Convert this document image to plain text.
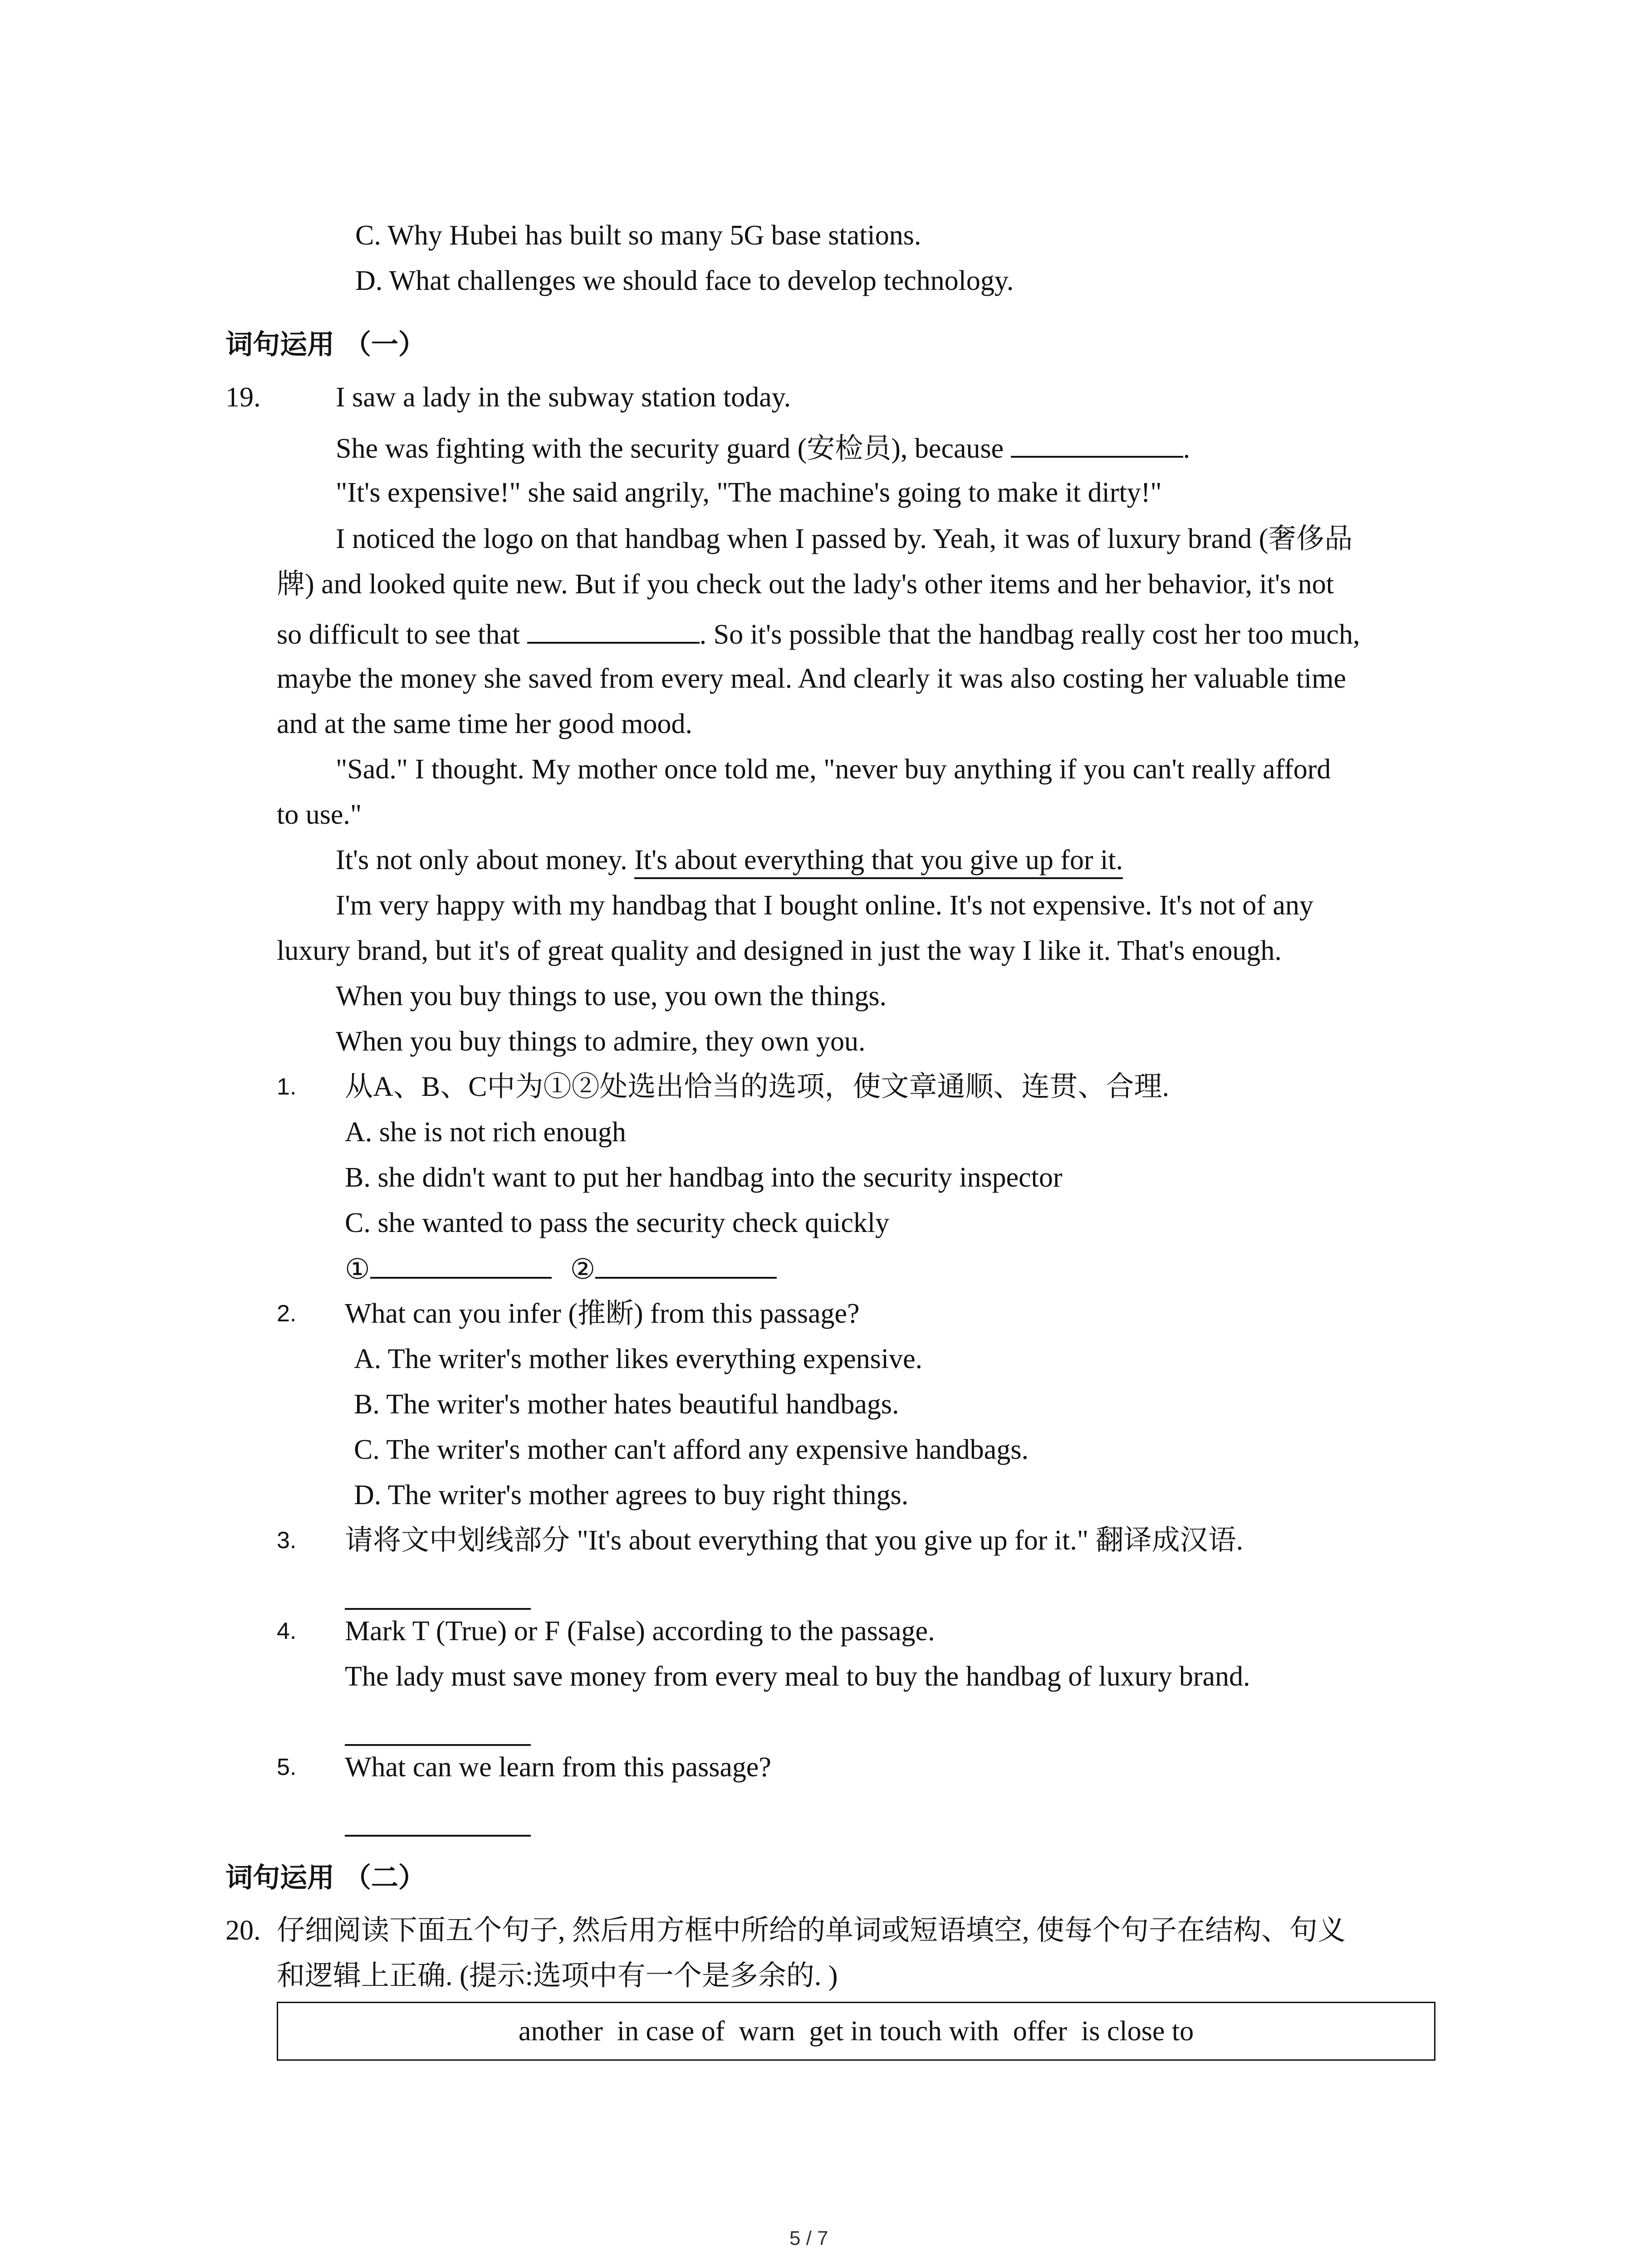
C. Why Hubei has built so many 5G base stations.
D. What challenges we should face to develop technology.
词句运用 （一）
19.	I saw a lady in the subway station today.
She was fighting with the security guard (安检员), because	.
"It's expensive!" she said angrily, "The machine's going to make it dirty!"
I noticed the logo on that handbag when I passed by. Yeah, it was of luxury brand (奢侈品
牌) and looked quite new. But if you check out the lady's other items and her behavior, it's not
so difficult to see that	. So it's possible that the handbag really cost her too much,
maybe the money she saved from every meal. And clearly it was also costing her valuable time
and at the same time her good mood.
"Sad." I thought. My mother once told me, "never buy anything if you can't really afford
to use."
It's not only about money. It's about everything that you give up for it.
I'm very happy with my handbag that I bought online. It's not expensive. It's not of any
luxury brand, but it's of great quality and designed in just the way I like it. That's enough.
When you buy things to use, you own the things.
When you buy things to admire, they own you.
1. 从A、B、C中为①②处选出恰当的选项，使文章通顺、连贯、合理.
A. she is not rich enough
B. she didn't want to put her handbag into the security inspector
C. she wanted to pass the security check quickly
①	②
2. What can you infer (推断) from this passage?
A. The writer's mother likes everything expensive.
B. The writer's mother hates beautiful handbags.
C. The writer's mother can't afford any expensive handbags.
D. The writer's mother agrees to buy right things.
3. 请将文中划线部分 "It's about everything that you give up for it." 翻译成汉语.
4. Mark T (True) or F (False) according to the passage.
The lady must save money from every meal to buy the handbag of luxury brand.
5. What can we learn from this passage?
词句运用 （二）
20. 仔细阅读下面五个句子, 然后用方框中所给的单词或短语填空, 使每个句子在结构、句义
和逻辑上正确. (提示:选项中有一个是多余的. )
another  in case of  warn  get in touch with  offer  is close to
5 / 7
